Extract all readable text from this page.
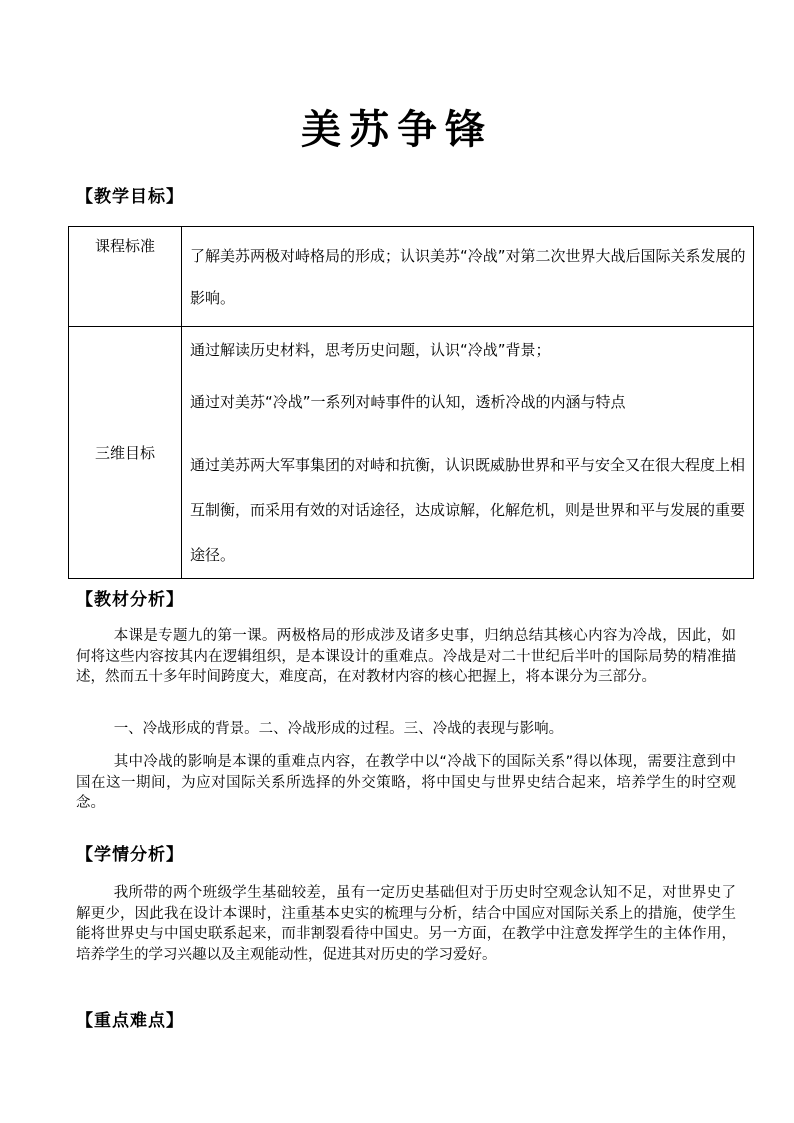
美苏争锋
【教学目标】
课程标准	了解美苏两极对峙格局的形成；认识美苏“冷战”对第二次世界大战后国际关系发展的影响。

三维目标	通过解读历史材料，思考历史问题，认识“冷战”背景；

通过对美苏“冷战”一系列对峙事件的认知，透析冷战的内涵与特点

通过美苏两大军事集团的对峙和抗衡，认识既威胁世界和平与安全又在很大程度上相互制衡，而采用有效的对话途径，达成谅解，化解危机，则是世界和平与发展的重要途径。

【教材分析】

本课是专题九的第一课。两极格局的形成涉及诸多史事，归纳总结其核心内容为冷战，因此，如何将这些内容按其内在逻辑组织，是本课设计的重难点。冷战是对二十世纪后半叶的国际局势的精准描述，然而五十多年时间跨度大，难度高，在对教材内容的核心把握上，将本课分为三部分。

一、冷战形成的背景。二、冷战形成的过程。三、冷战的表现与影响。

其中冷战的影响是本课的重难点内容，在教学中以“冷战下的国际关系”得以体现，需要注意到中国在这一期间，为应对国际关系所选择的外交策略，将中国史与世界史结合起来，培养学生的时空观念。

【学情分析】

我所带的两个班级学生基础较差，虽有一定历史基础但对于历史时空观念认知不足，对世界史了解更少，因此我在设计本课时，注重基本史实的梳理与分析，结合中国应对国际关系上的措施，使学生能将世界史与中国史联系起来，而非割裂看待中国史。另一方面，在教学中注意发挥学生的主体作用，培养学生的学习兴趣以及主观能动性，促进其对历史的学习爱好。

【重点难点】
